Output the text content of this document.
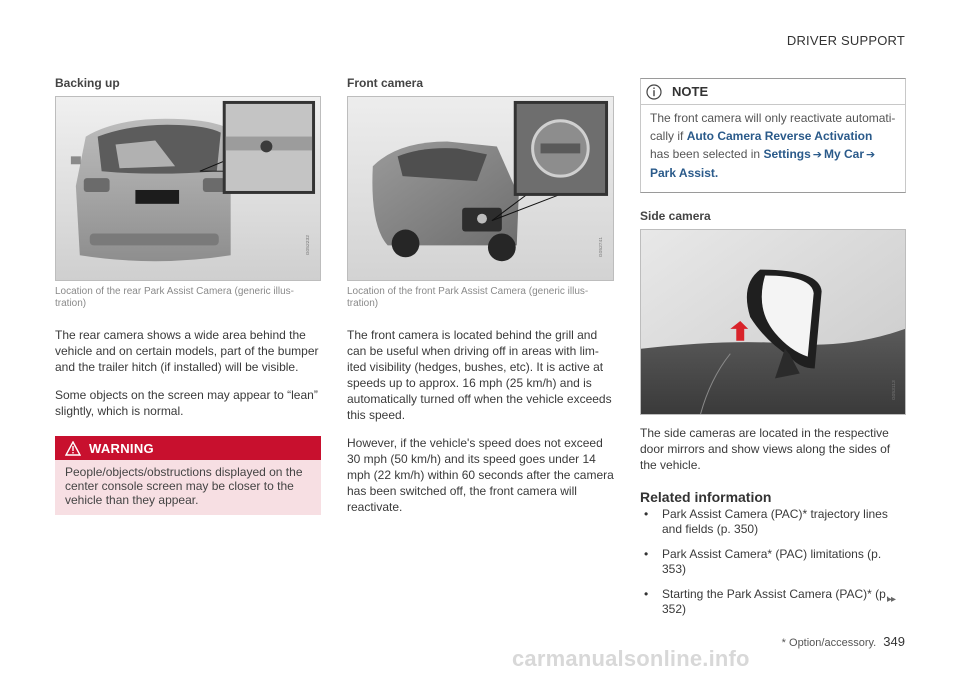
DRIVER SUPPORT
Backing up
G052232
Location of the rear Park Assist Camera (generic illus-tration)

The rear camera shows a wide area behind the vehicle and on certain models, part of the bumper and the trailer hitch (if installed) will be visible.

Some objects on the screen may appear to “lean” slightly, which is normal.

WARNING
People/objects/obstructions displayed on the center console screen may be closer to the vehicle than they appear.
Front camera
G052741
Location of the front Park Assist Camera (generic illus-tration)

The front camera is located behind the grill and can be useful when driving off in areas with lim-ited visibility (hedges, bushes, etc). It is active at speeds up to approx. 16 mph (25 km/h) and is automatically turned off when the vehicle exceeds this speed.

However, if the vehicle's speed does not exceed 30 mph (50 km/h) and its speed goes under 14 mph (22 km/h) within 60 seconds after the camera has been switched off, the front camera will reactivate.

NOTE
The front camera will only reactivate automati-cally if Auto Camera Reverse Activation
has been selected in Settings ➔ My Car ➔
Park Assist.
Side camera
G053113

The side cameras are located in the respective door mirrors and show views along the sides of the vehicle.

Related information
• Park Assist Camera (PAC)* trajectory lines and fields (p. 350)
• Park Assist Camera* (PAC) limitations (p. 353)
• Starting the Park Assist Camera (PAC)* (p. 352)
▸▸
* Option/accessory. 349
carmanualsonline.info
